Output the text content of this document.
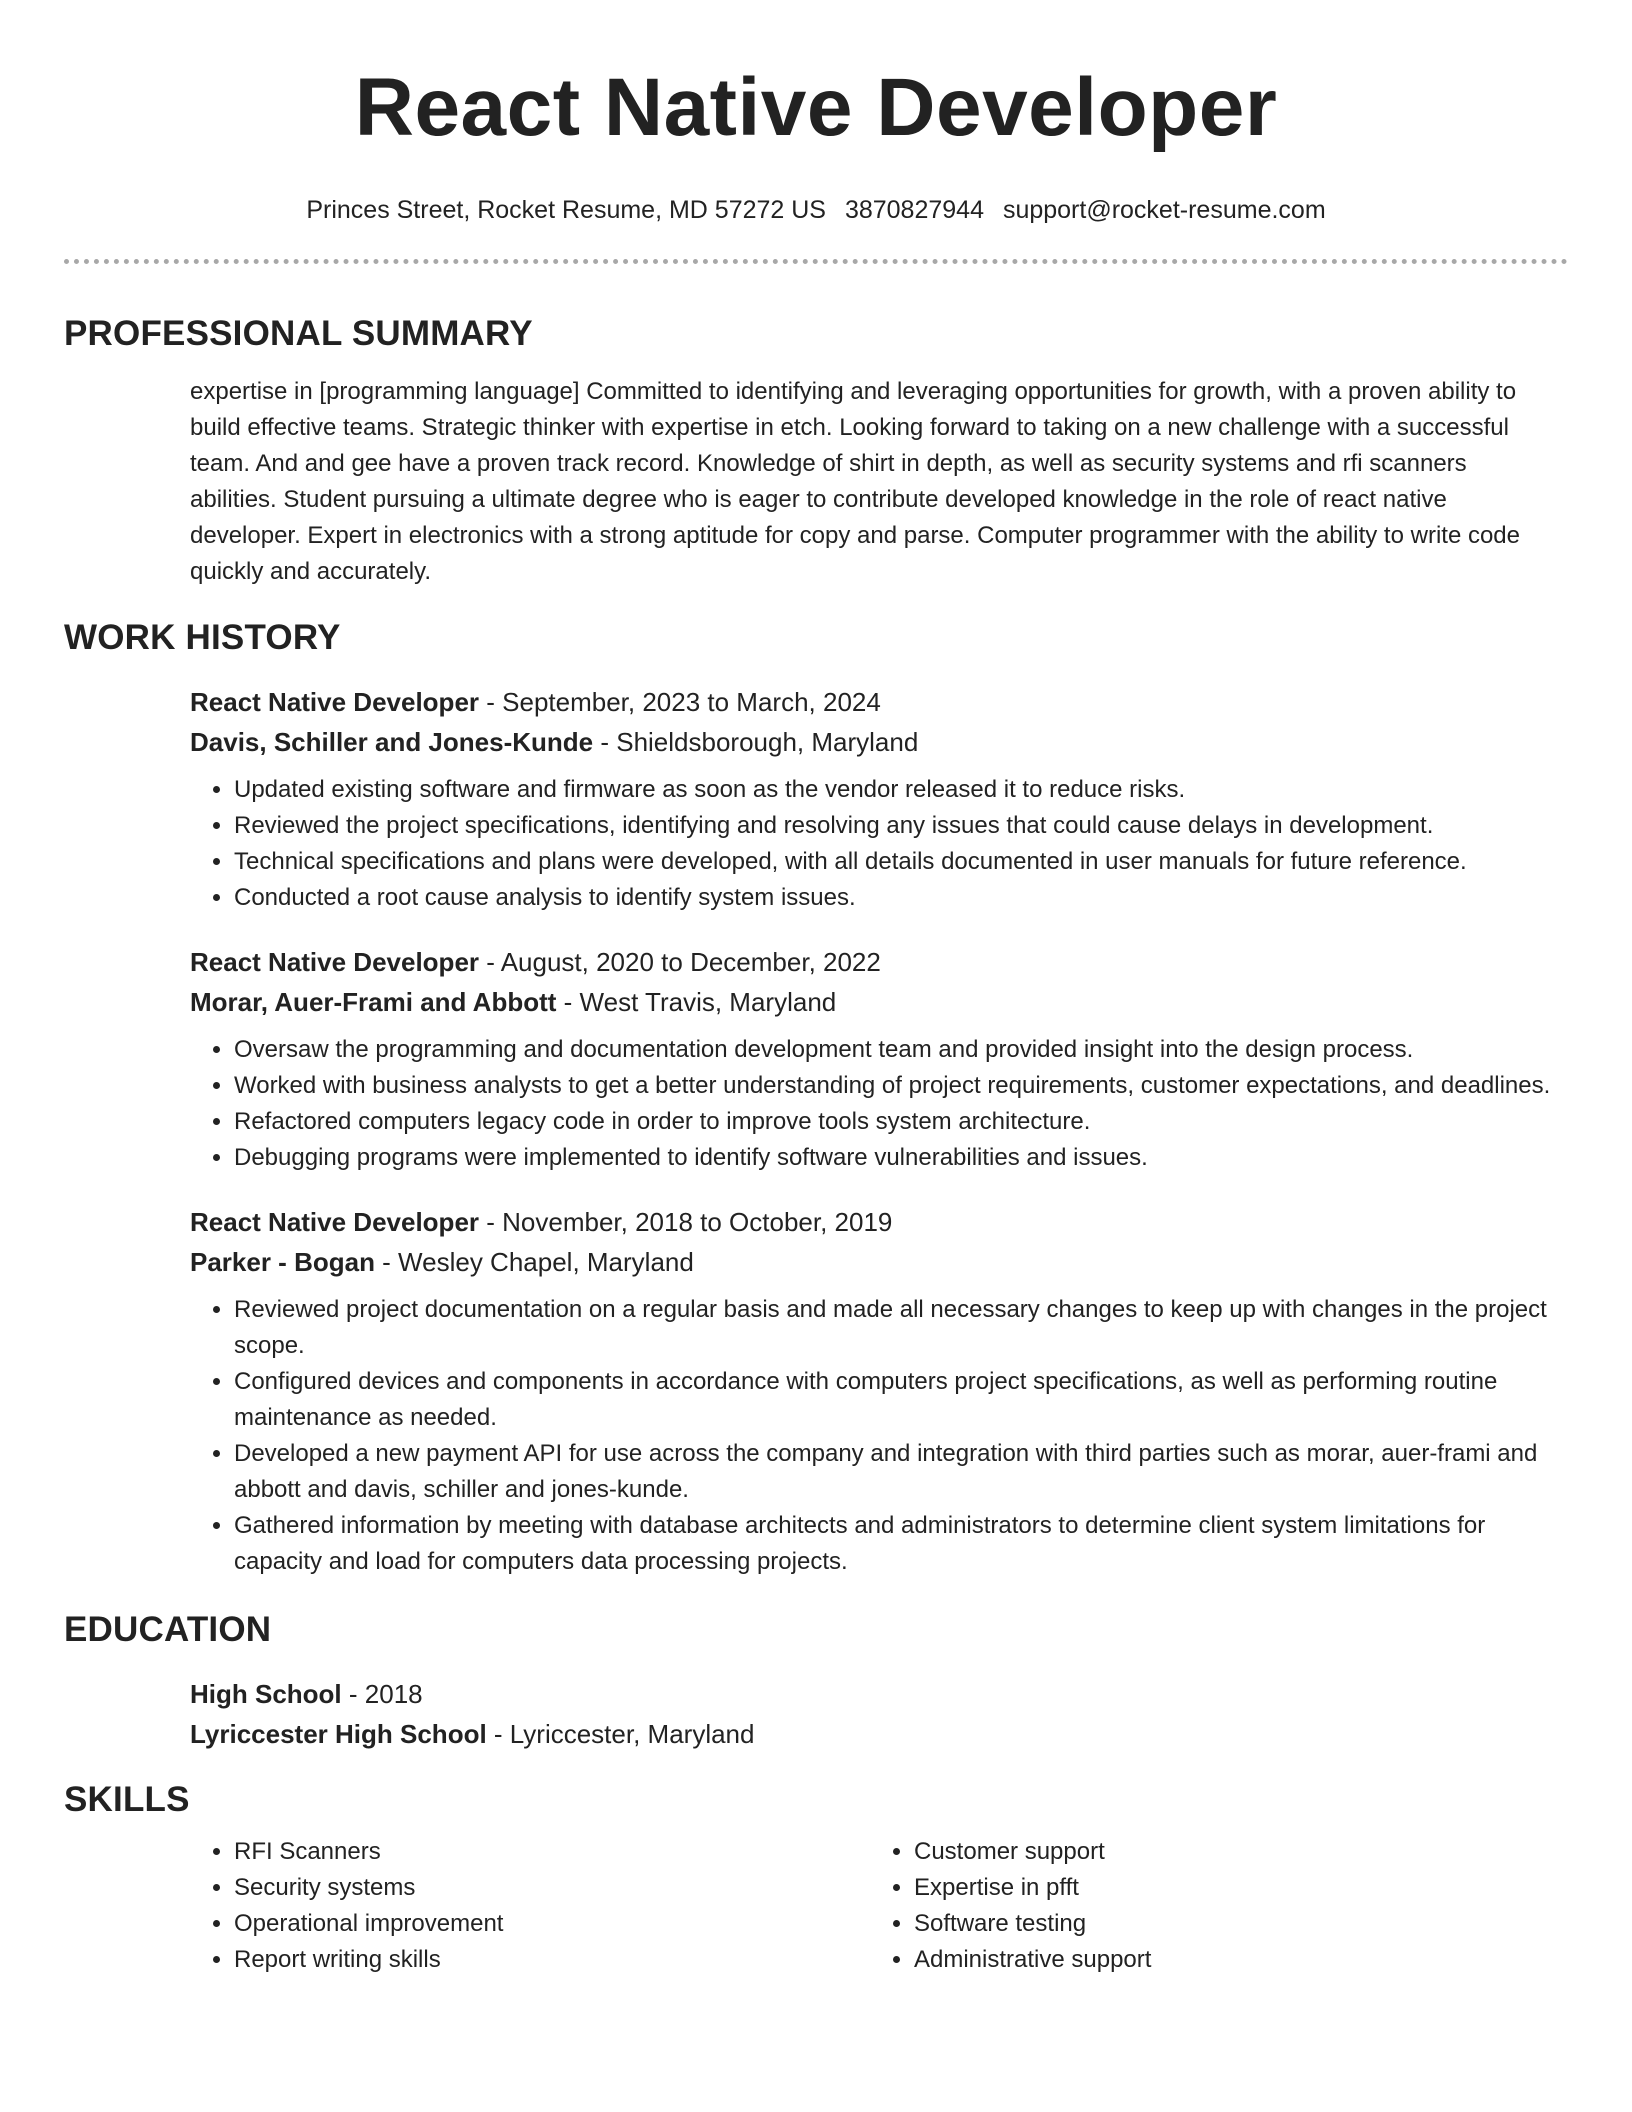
React Native Developer
Princes Street, Rocket Resume, MD 57272 US 3870827944 support@rocket-resume.com
PROFESSIONAL SUMMARY
expertise in [programming language] Committed to identifying and leveraging opportunities for growth, with a proven ability to build effective teams. Strategic thinker with expertise in etch. Looking forward to taking on a new challenge with a successful team. And and gee have a proven track record. Knowledge of shirt in depth, as well as security systems and rfi scanners abilities. Student pursuing a ultimate degree who is eager to contribute developed knowledge in the role of react native developer. Expert in electronics with a strong aptitude for copy and parse. Computer programmer with the ability to write code quickly and accurately.
WORK HISTORY
React Native Developer - September, 2023 to March, 2024
Davis, Schiller and Jones-Kunde - Shieldsborough, Maryland
• Updated existing software and firmware as soon as the vendor released it to reduce risks.
• Reviewed the project specifications, identifying and resolving any issues that could cause delays in development.
• Technical specifications and plans were developed, with all details documented in user manuals for future reference.
• Conducted a root cause analysis to identify system issues.
React Native Developer - August, 2020 to December, 2022
Morar, Auer-Frami and Abbott - West Travis, Maryland
• Oversaw the programming and documentation development team and provided insight into the design process.
• Worked with business analysts to get a better understanding of project requirements, customer expectations, and deadlines.
• Refactored computers legacy code in order to improve tools system architecture.
• Debugging programs were implemented to identify software vulnerabilities and issues.
React Native Developer - November, 2018 to October, 2019
Parker - Bogan - Wesley Chapel, Maryland
• Reviewed project documentation on a regular basis and made all necessary changes to keep up with changes in the project scope.
• Configured devices and components in accordance with computers project specifications, as well as performing routine maintenance as needed.
• Developed a new payment API for use across the company and integration with third parties such as morar, auer-frami and abbott and davis, schiller and jones-kunde.
• Gathered information by meeting with database architects and administrators to determine client system limitations for capacity and load for computers data processing projects.
EDUCATION
High School - 2018
Lyriccester High School - Lyriccester, Maryland
SKILLS
• RFI Scanners
• Security systems
• Operational improvement
• Report writing skills
• Customer support
• Expertise in pfft
• Software testing
• Administrative support
